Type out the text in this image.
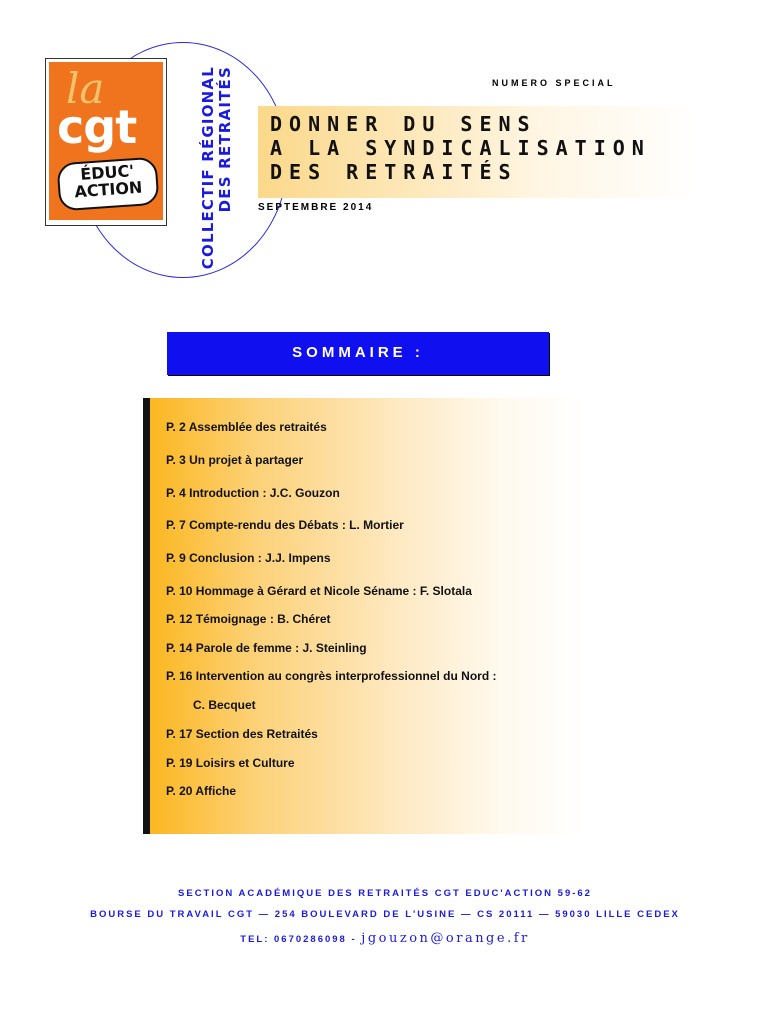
la
cgt
ÉDUC'
ACTION	COLLECTIF RÉGIONAL DES RETRAITÉS	NUMERO SPECIAL
DONNER DU SENS
A LA SYNDICALISATION
DES RETRAITÉS
SEPTEMBRE 2014
SOMMAIRE :
P. 2 Assemblée des retraités
P. 3 Un projet à partager
P. 4 Introduction : J.C. Gouzon
P. 7 Compte-rendu des Débats : L. Mortier
P. 9 Conclusion : J.J. Impens
P. 10 Hommage à Gérard et Nicole Séname : F. Slotala
P. 12 Témoignage : B. Chéret
P. 14 Parole de femme : J. Steinling
P. 16 Intervention au congrès interprofessionnel du Nord :
C. Becquet
P. 17 Section des Retraités
P. 19 Loisirs et Culture
P. 20 Affiche
SECTION ACADÉMIQUE DES RETRAITÉS CGT EDUC'ACTION 59-62
BOURSE DU TRAVAIL CGT — 254 BOULEVARD DE L'USINE — CS 20111 — 59030 LILLE CEDEX
TEL: 0670286098 - jgouzon@orange.fr
